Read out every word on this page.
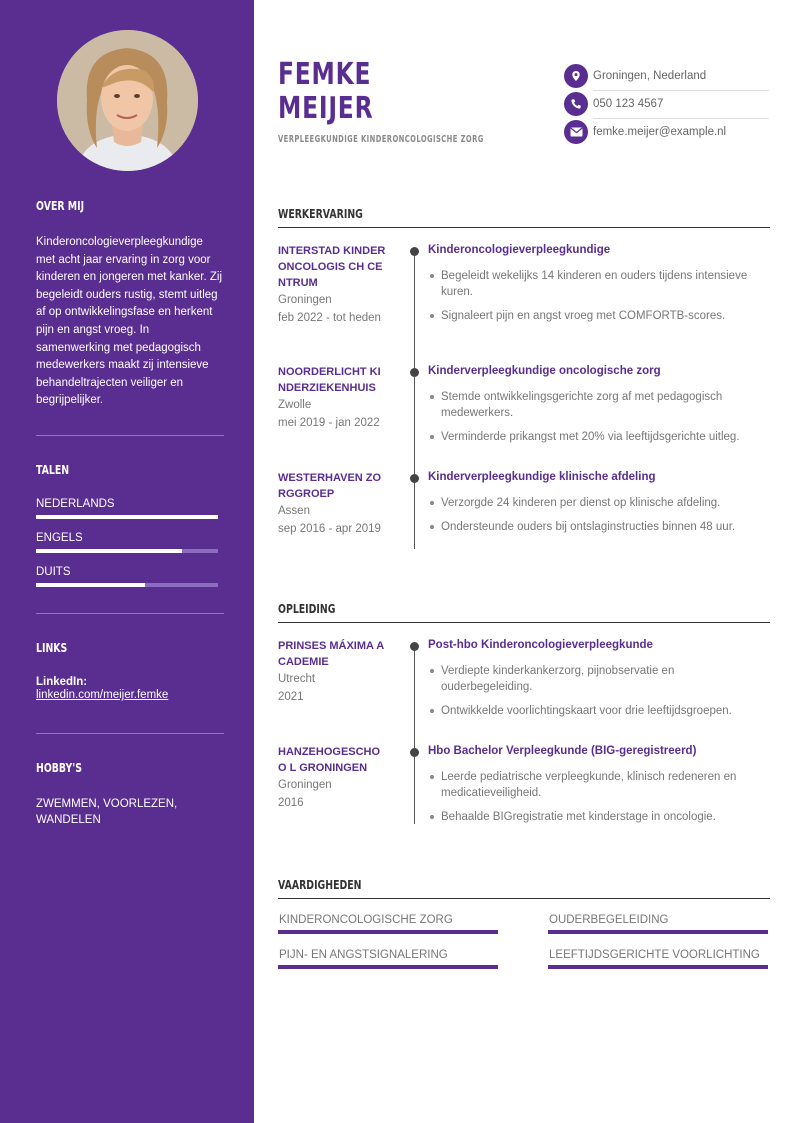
OVER MIJ

Kinderoncologieverpleegkundige met acht jaar ervaring in zorg voor kinderen en jongeren met kanker. Zij begeleidt ouders rustig, stemt uitleg af op ontwikkelingsfase en herkent pijn en angst vroeg. In samenwerking met pedagogisch medewerkers maakt zij intensieve behandeltrajecten veiliger en begrijpelijker.

TALEN
NEDERLANDS
ENGELS
DUITS
LINKS
LinkedIn:
linkedin.com/meijer.femke
HOBBY'S

ZWEMMEN, VOORLEZEN, WANDELEN

FEMKE
MEIJER
VERPLEEGKUNDIGE KINDERONCOLOGISCHE ZORG
Groningen, Nederland
050 123 4567
femke.meijer@example.nl
WERKERVARING
INTERSTAD KINDERONCOLOGIS CH CENTRUM
Groningen
feb 2022 - tot heden
Kinderoncologieverpleegkundige
Begeleidt wekelijks 14 kinderen en ouders tijdens intensieve kuren.
Signaleert pijn en angst vroeg met COMFORTB-scores.
NOORDERLICHT KINDERZIEKENHUIS
Zwolle
mei 2019 - jan 2022
Kinderverpleegkundige oncologische zorg
Stemde ontwikkelingsgerichte zorg af met pedagogisch medewerkers.
Verminderde prikangst met 20% via leeftijdsgerichte uitleg.
WESTERHAVEN ZORGGROEP
Assen
sep 2016 - apr 2019
Kinderverpleegkundige klinische afdeling
Verzorgde 24 kinderen per dienst op klinische afdeling.
Ondersteunde ouders bij ontslaginstructies binnen 48 uur.
OPLEIDING
PRINSES MÁXIMA ACADEMIE
Utrecht
2021
Post-hbo Kinderoncologieverpleegkunde
Verdiepte kinderkankerzorg, pijnobservatie en ouderbegeleiding.
Ontwikkelde voorlichtingskaart voor drie leeftijdsgroepen.
HANZEHOGESCHOO L GRONINGEN
Groningen
2016
Hbo Bachelor Verpleegkunde (BIG-geregistreerd)
Leerde pediatrische verpleegkunde, klinisch redeneren en medicatieveiligheid.
Behaalde BIGregistratie met kinderstage in oncologie.
VAARDIGHEDEN
KINDERONCOLOGISCHE ZORG	OUDERBEGELEIDING
PIJN- EN ANGSTSIGNALERING	LEEFTIJDSGERICHTE VOORLICHTING
